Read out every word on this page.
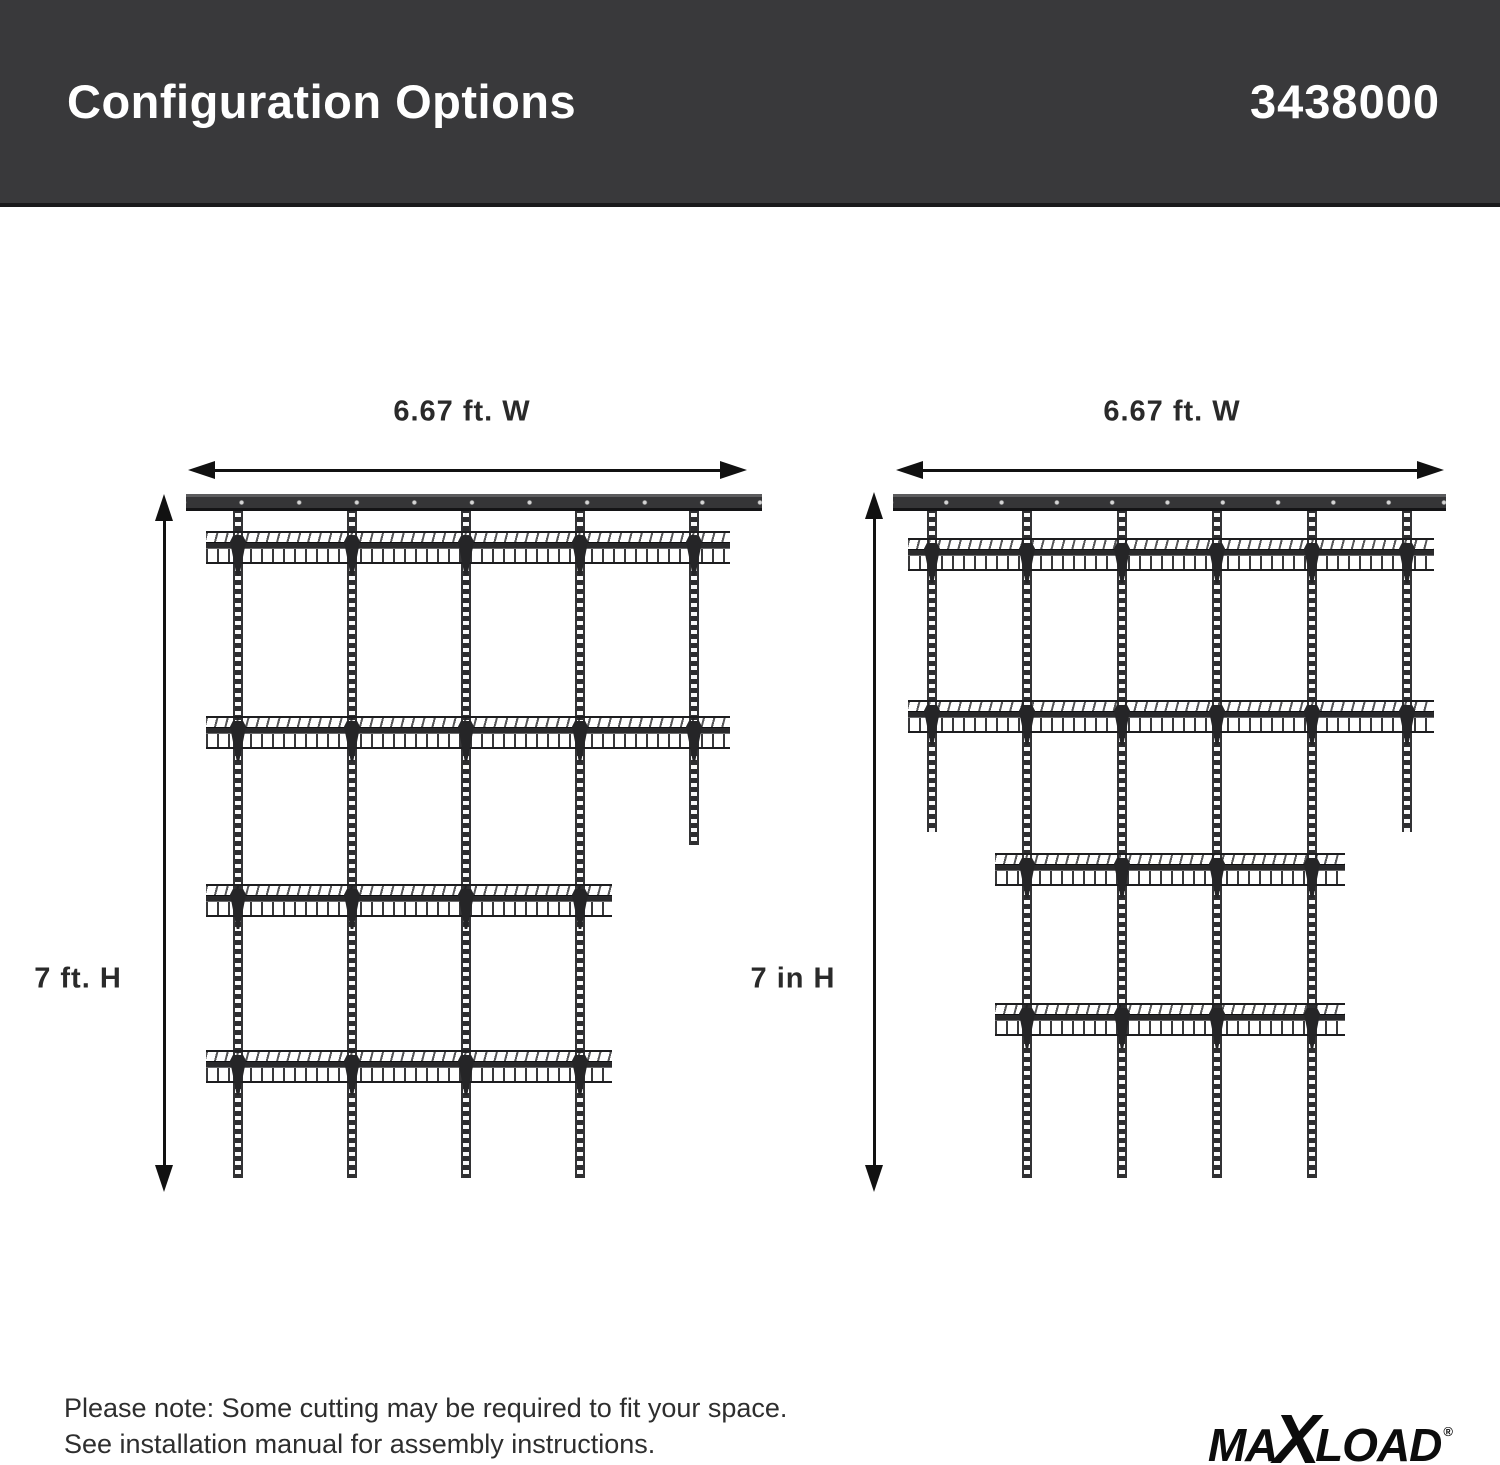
Configuration Options	3438000
6.67 ft. W
7 ft. H
6.67 ft. W
7 in H
Please note: Some cutting may be required to fit your space.
See installation manual for assembly instructions.	MA
X
LOAD ®
